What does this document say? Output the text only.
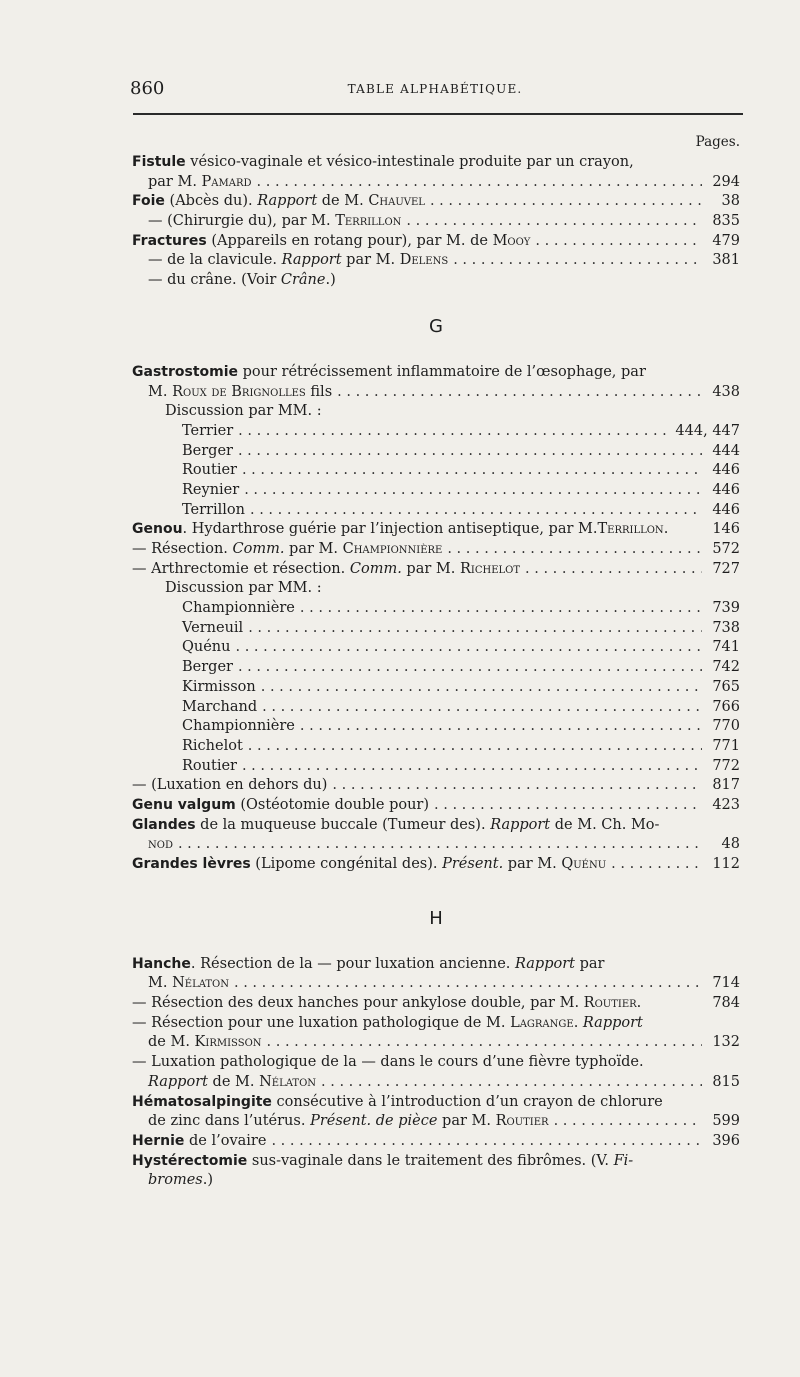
860	TABLE ALPHABÉTIQUE.
Pages.
Fistule vésico-vaginale et vésico-intestinale produite par un crayon,
par M. Pamard . . .	294
Foie (Abcès du). Rapport de M. Chauvel . . .	38
— (Chirurgie du), par M. Terrillon . . .	835
Fractures (Appareils en rotang pour), par M. de Mooy . . .	479
— de la clavicule. Rapport par M. Delens . . .	381
— du crâne. (Voir Crâne.)
G
Gastrostomie pour rétrécissement inflammatoire de l’œsophage, par
M. Roux de Brignolles fils . . .	438
Discussion par MM. :
Terrier . . .	444, 447
Berger . . .	444
Routier . . .	446
Reynier . . .	446
Terrillon . . .	446
Genou. Hydarthrose guérie par l’injection antiseptique, par M.Terrillon.	146
— Résection. Comm. par M. Championnière . . .	572
— Arthrectomie et résection. Comm. par M. Richelot . . .	727
Discussion par MM. :
Championnière . . .	739
Verneuil . . .	738
Quénu . . .	741
Berger . . .	742
Kirmisson . . .	765
Marchand . . .	766
Championnière . . .	770
Richelot . . .	771
Routier . . .	772
— (Luxation en dehors du) . . .	817
Genu valgum (Ostéotomie double pour) . . .	423
Glandes de la muqueuse buccale (Tumeur des). Rapport de M. Ch. Mo-
nod . . .	48
Grandes lèvres (Lipome congénital des). Présent. par M. Quénu . . .	112
H
Hanche. Résection de la — pour luxation ancienne. Rapport par
M. Nélaton . . .	714
— Résection des deux hanches pour ankylose double, par M. Routier.	784
— Résection pour une luxation pathologique de M. Lagrange. Rapport
de M. Kirmisson . . .	132
— Luxation pathologique de la — dans le cours d’une fièvre typhoïde.
Rapport de M. Nélaton . . .	815
Hématosalpingite consécutive à l’introduction d’un crayon de chlorure
de zinc dans l’utérus. Présent. de pièce par M. Routier . . .	599
Hernie de l’ovaire . . .	396
Hystérectomie sus-vaginale dans le traitement des fibrômes. (V. Fi-
bromes.)
